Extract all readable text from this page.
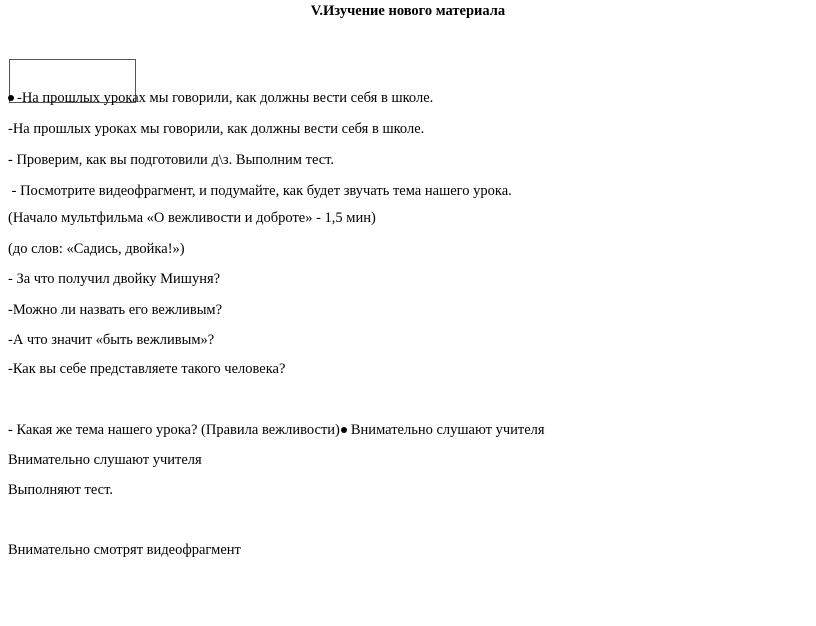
V.Изучение нового материала
-На прошлых уроках мы говорили, как должны вести себя в школе.
-На прошлых уроках мы говорили, как должны вести себя в школе.
- Проверим, как вы подготовили д\з. Выполним тест.
- Посмотрите видеофрагмент, и подумайте, как будет звучать тема нашего урока.
(Начало мультфильма «О вежливости и доброте» - 1,5 мин)
(до слов: «Садись, двойка!»)
- За что получил двойку Мишуня?
-Можно ли назвать его вежливым?
-А что значит «быть вежливым»?
-Как вы себе представляете такого человека?
- Какая же тема нашего урока? (Правила вежливости) Внимательно слушают учителя
Внимательно слушают учителя
Выполняют тест.
Внимательно смотрят видеофрагмент
